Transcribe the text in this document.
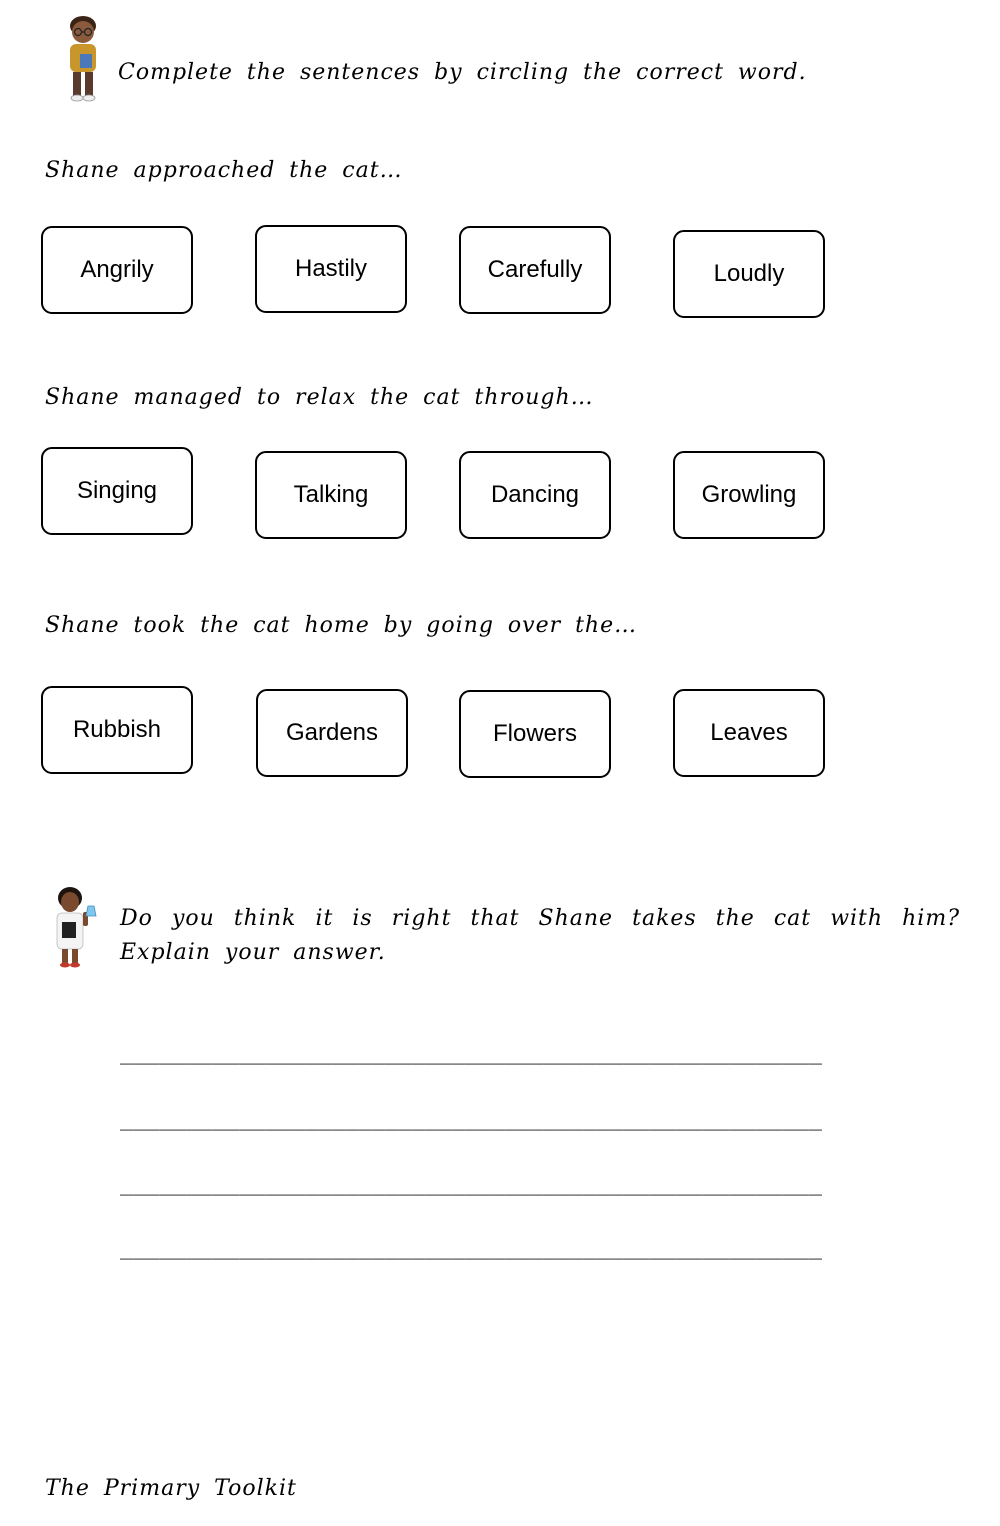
Complete the sentences by circling the correct word.

Shane approached the cat…

Angrily	Hastily	Carefully	Loudly

Shane managed to relax the cat through…

Singing	Talking	Dancing	Growling

Shane took the cat home by going over the…

Rubbish	Gardens	Flowers	Leaves

Do you think it is right that Shane takes the cat with him? Explain your answer.

_____________________________________________________
_____________________________________________________
_____________________________________________________
_____________________________________________________

The Primary Toolkit
